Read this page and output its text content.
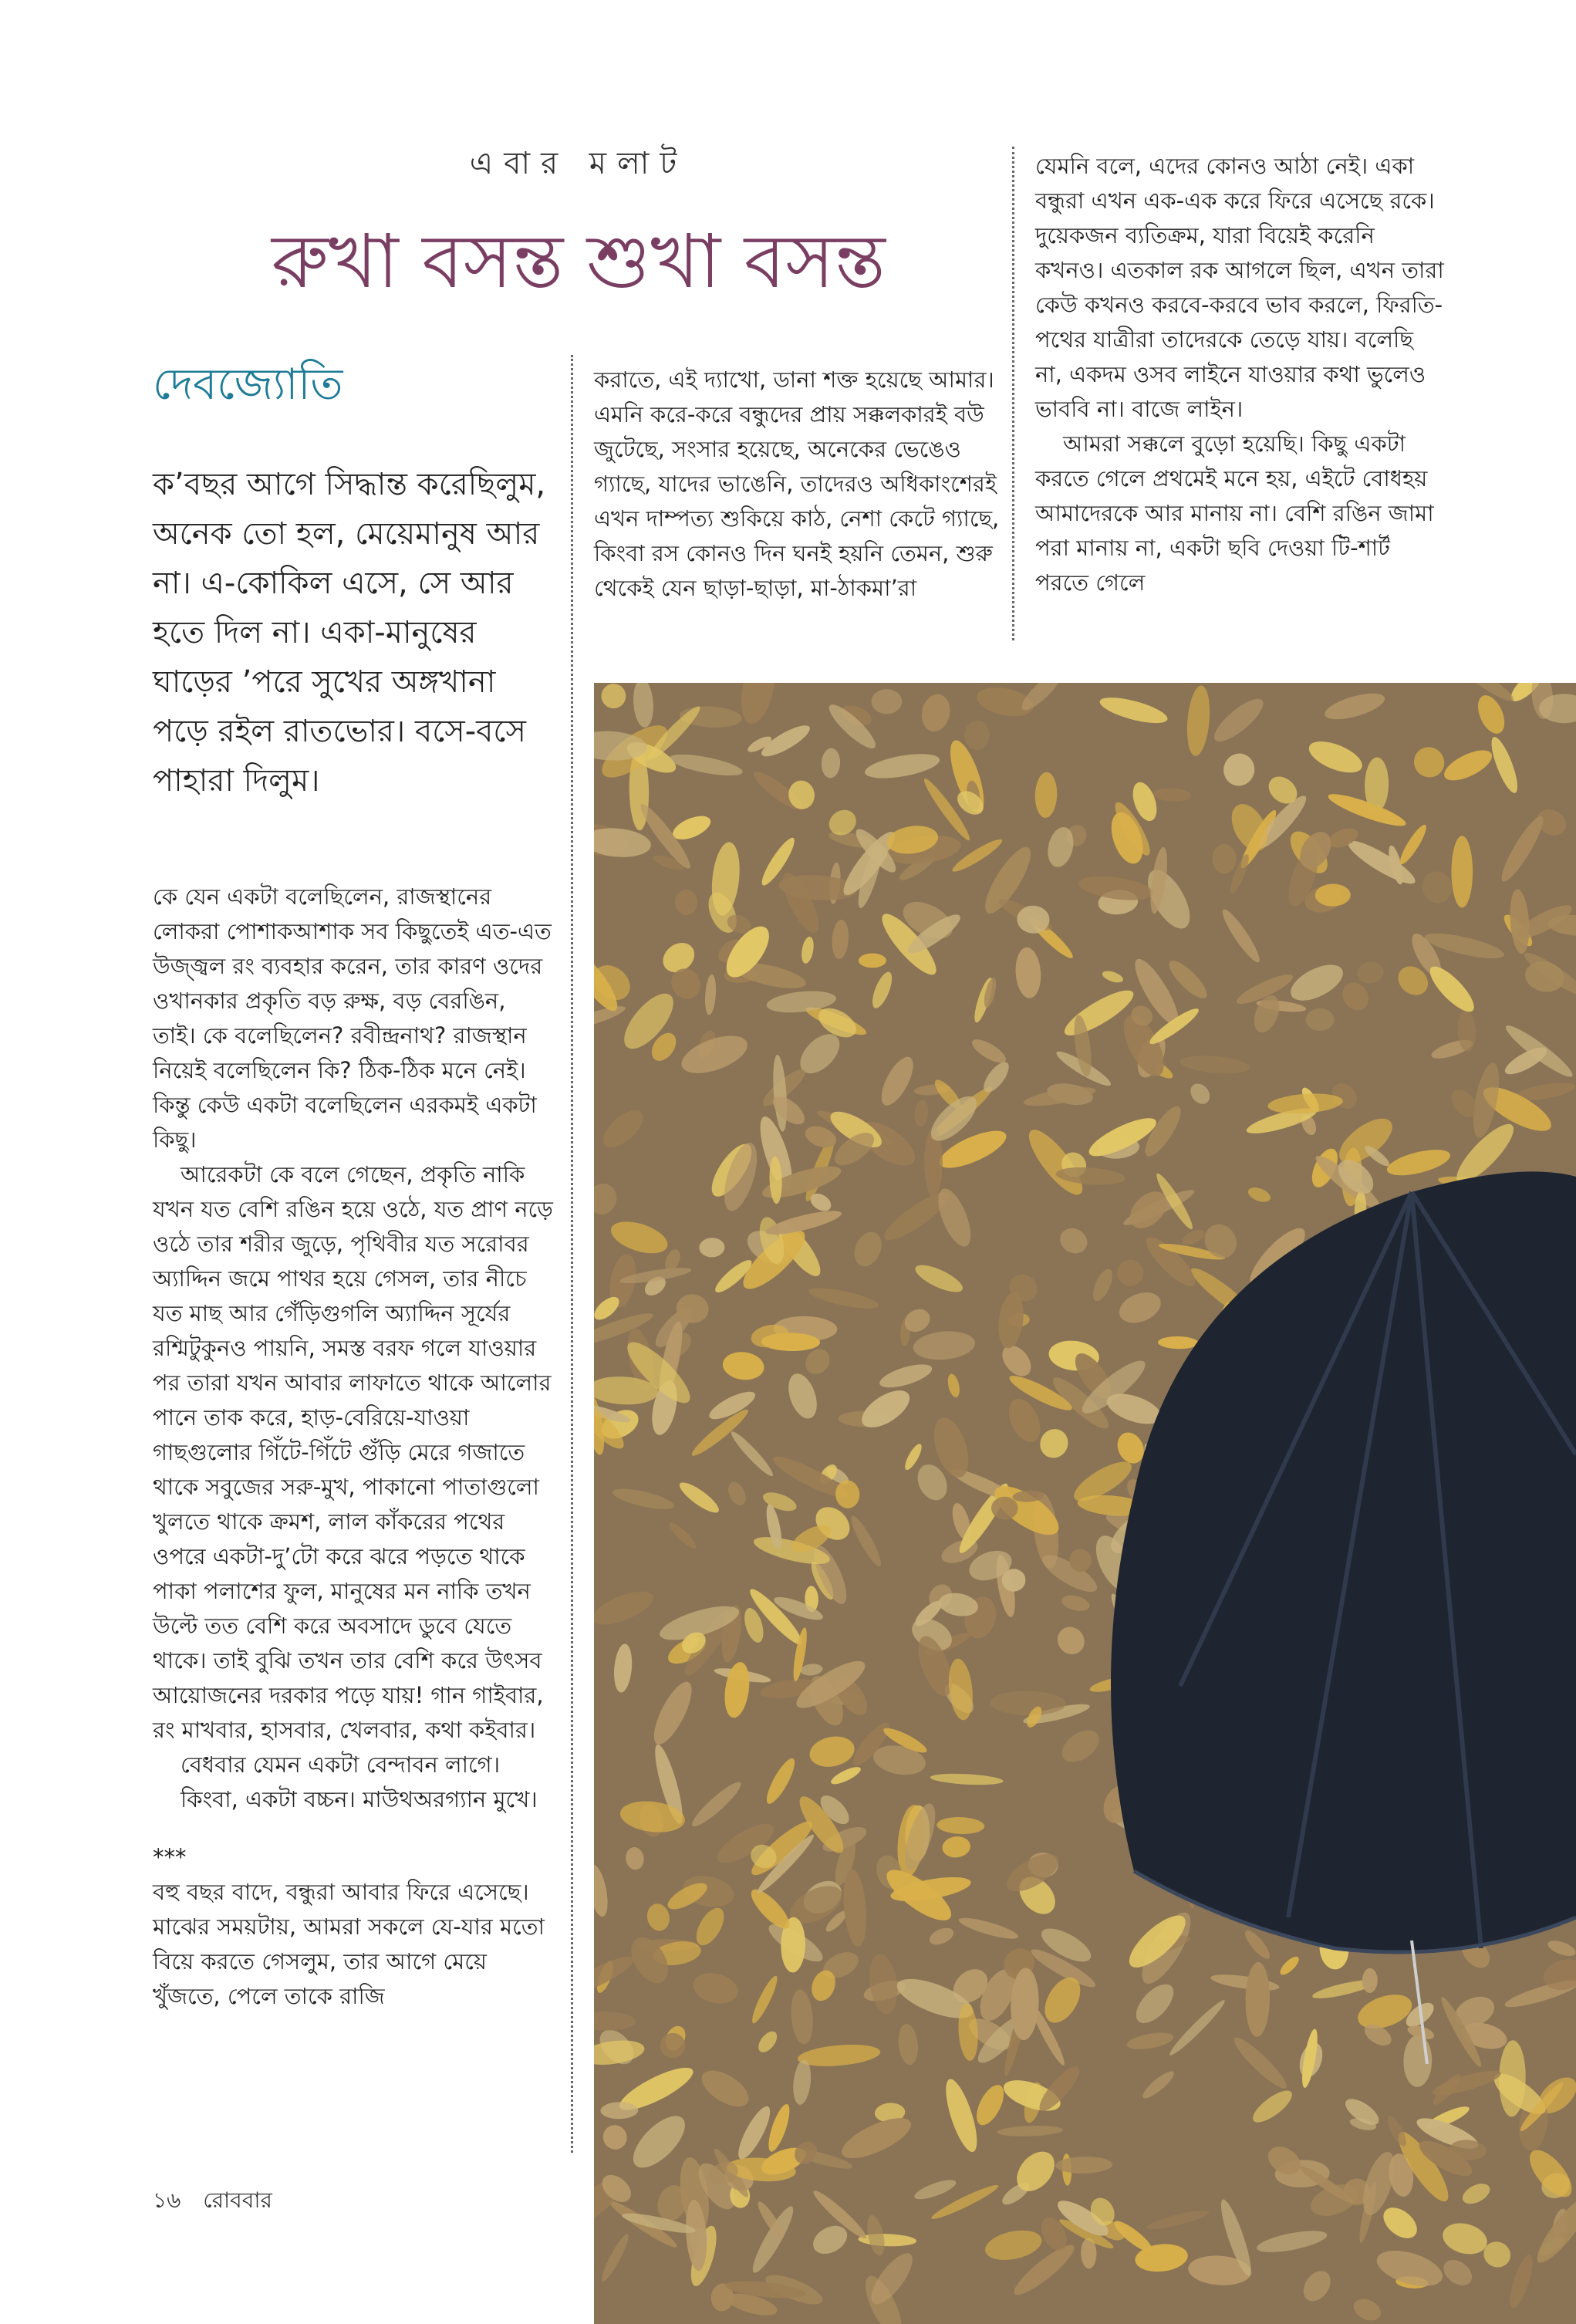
এবার মলাট
রুখা বসন্ত শুখা বসন্ত
দেবজ্যোতি
ক’বছর আগে সিদ্ধান্ত করেছিলুম, অনেক তো হল, মেয়েমানুষ আর না। এ-কোকিল এসে, সে আর হতে দিল না। একা-মানুষের ঘাড়ের ’পরে সুখের অঙ্গখানা পড়ে রইল রাতভোর। বসে-বসে পাহারা দিলুম।

কে যেন একটা বলেছিলেন, রাজস্থানের লোকরা পোশাকআশাক সব কিছুতেই এত-এত উজ্জ্বল রং ব্যবহার করেন, তার কারণ ওদের ওখানকার প্রকৃতি বড় রুক্ষ, বড় বেরঙিন, তাই। কে বলেছিলেন? রবীন্দ্রনাথ? রাজস্থান নিয়েই বলেছিলেন কি? ঠিক-ঠিক মনে নেই। কিন্তু কেউ একটা বলেছিলেন এরকমই একটা কিছু।

আরেকটা কে বলে গেছেন, প্রকৃতি নাকি যখন যত বেশি রঙিন হয়ে ওঠে, যত প্রাণ নড়ে ওঠে তার শরীর জুড়ে, পৃথিবীর যত সরোবর অ্যাদ্দিন জমে পাথর হয়ে গেসল, তার নীচে যত মাছ আর গেঁড়িগুগলি অ্যাদ্দিন সূর্যের রশ্মিটুকুনও পায়নি, সমস্ত বরফ গলে যাওয়ার পর তারা যখন আবার লাফাতে থাকে আলোর পানে তাক করে, হাড়-বেরিয়ে-যাওয়া গাছগুলোর গিঁটে-গিঁটে গুঁড়ি মেরে গজাতে থাকে সবুজের সরু-মুখ, পাকানো পাতাগুলো খুলতে থাকে ক্রমশ, লাল কাঁকরের পথের ওপরে একটা-দু’টো করে ঝরে পড়তে থাকে পাকা পলাশের ফুল, মানুষের মন নাকি তখন উল্টে তত বেশি করে অবসাদে ডুবে যেতে থাকে। তাই বুঝি তখন তার বেশি করে উৎসব আয়োজনের দরকার পড়ে যায়! গান গাইবার, রং মাখবার, হাসবার, খেলবার, কথা কইবার।

বেধবার যেমন একটা বেন্দাবন লাগে।

কিংবা, একটা বচ্চন। মাউথঅরগ্যান মুখে।

***

বহু বছর বাদে, বন্ধুরা আবার ফিরে এসেছে। মাঝের সময়টায়, আমরা সকলে যে-যার মতো বিয়ে করতে গেসলুম, তার আগে মেয়ে খুঁজতে, পেলে তাকে রাজি

করাতে, এই দ্যাখো, ডানা শক্ত হয়েছে আমার। এমনি করে-করে বন্ধুদের প্রায় সক্কলকারই বউ জুটেছে, সংসার হয়েছে, অনেকের ভেঙেও গ্যাছে, যাদের ভাঙেনি, তাদেরও অধিকাংশেরই এখন দাম্পত্য শুকিয়ে কাঠ, নেশা কেটে গ্যাছে, কিংবা রস কোনও দিন ঘনই হয়নি তেমন, শুরু থেকেই যেন ছাড়া-ছাড়া, মা-ঠাকমা’রা

যেমনি বলে, এদের কোনও আঠা নেই। একা বন্ধুরা এখন এক-এক করে ফিরে এসেছে রকে। দুয়েকজন ব্যতিক্রম, যারা বিয়েই করেনি কখনও। এতকাল রক আগলে ছিল, এখন তারা কেউ কখনও করবে-করবে ভাব করলে, ফিরতি-পথের যাত্রীরা তাদেরকে তেড়ে যায়। বলেছি না, একদম ওসব লাইনে যাওয়ার কথা ভুলেও ভাববি না। বাজে লাইন।

আমরা সক্কলে বুড়ো হয়েছি। কিছু একটা করতে গেলে প্রথমেই মনে হয়, এইটে বোধহয় আমাদেরকে আর মানায় না। বেশি রঙিন জামা পরা মানায় না, একটা ছবি দেওয়া টি-শার্ট পরতে গেলে

১৬ রোববার
